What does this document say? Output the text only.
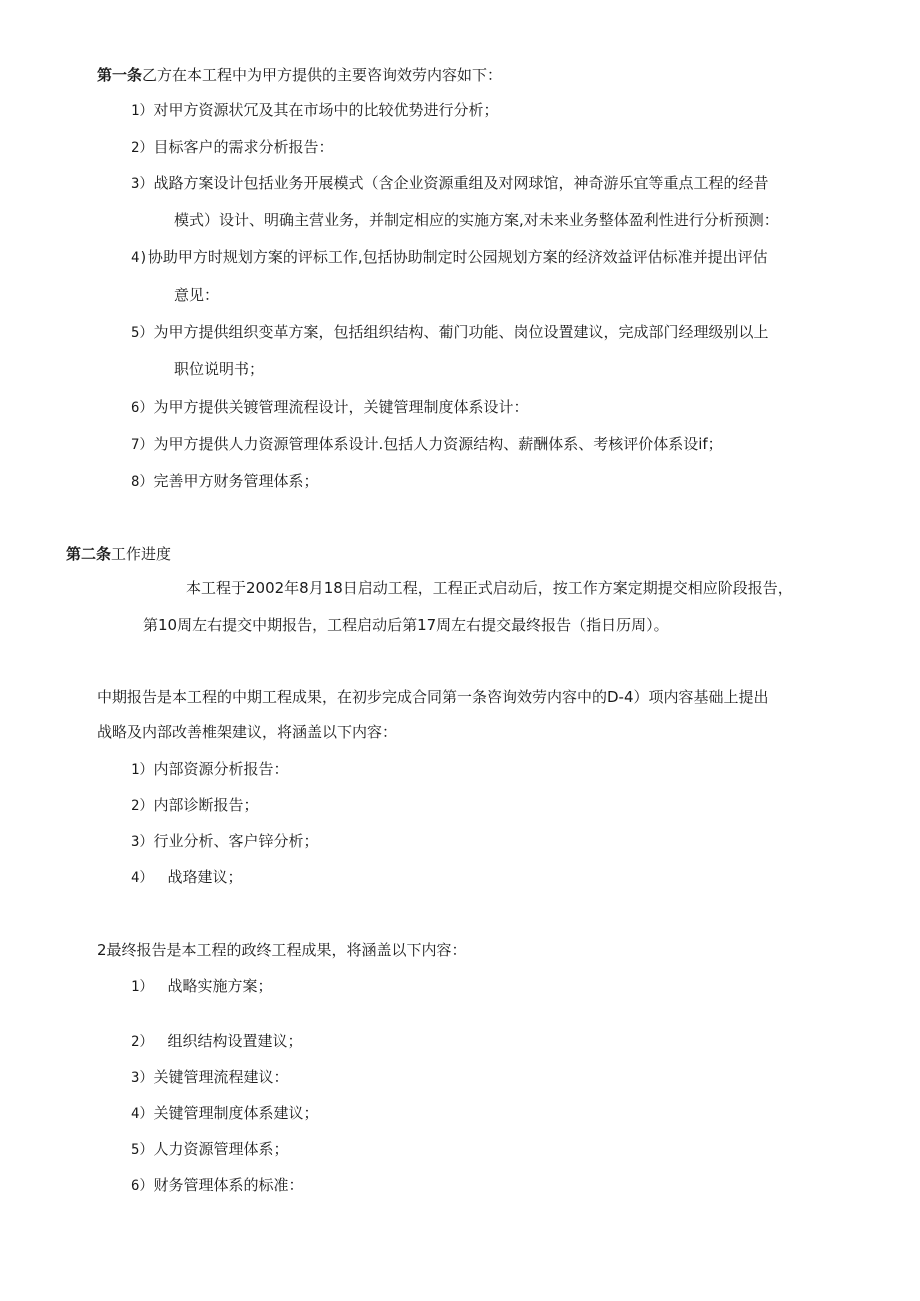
第一条乙方在本工程中为甲方提供的主要咨询效劳内容如下：
1）对甲方资源状冗及其在市场中的比较优势进行分析；
2）目标客户的需求分析报告：
3）战路方案设计包括业务开展模式（含企业资源重组及对网球馆，神奇游乐宜等重点工程的经昔
模式）设计、明确主营业务，并制定相应的实施方案,对未来业务整体盈利性进行分析预测：
4)协助甲方时规划方案的评标工作,包括协助制定时公园规划方案的经济效益评估标准并提出评估
意见：
5）为甲方提供组织变革方案，包括组织结构、葡门功能、岗位设置建议，完成部门经理级别以上
职位说明书；
6）为甲方提供关镀管理流程设计，关键管理制度体系设计：
7）为甲方提供人力资源管理体系设计.包括人力资源结构、薪酬体系、考核评价体系设if；
8）完善甲方财务管理体系；
第二条工作进度
本工程于2002年8月18日启动工程，工程正式启动后，按工作方案定期提交相应阶段报告，
第10周左右提交中期报告，工程启动后第17周左右提交最终报告（指日历周）。
中期报告是本工程的中期工程成果，在初步完成合同第一条咨询效劳内容中的D-4）项内容基础上提出
战略及内部改善椎架建议，将涵盖以下内容：
1）内部资源分析报告：
2）内部诊断报告；
3）行业分析、客户锌分析；
4） 战珞建议；
2最终报告是本工程的政终工程成果，将涵盖以下内容：
1） 战略实施方案；
2） 组织结构设置建议；
3）关键管理流程建议：
4）关键管理制度体系建议；
5）人力资源管理体系；
6）财务管理体系的标准：
